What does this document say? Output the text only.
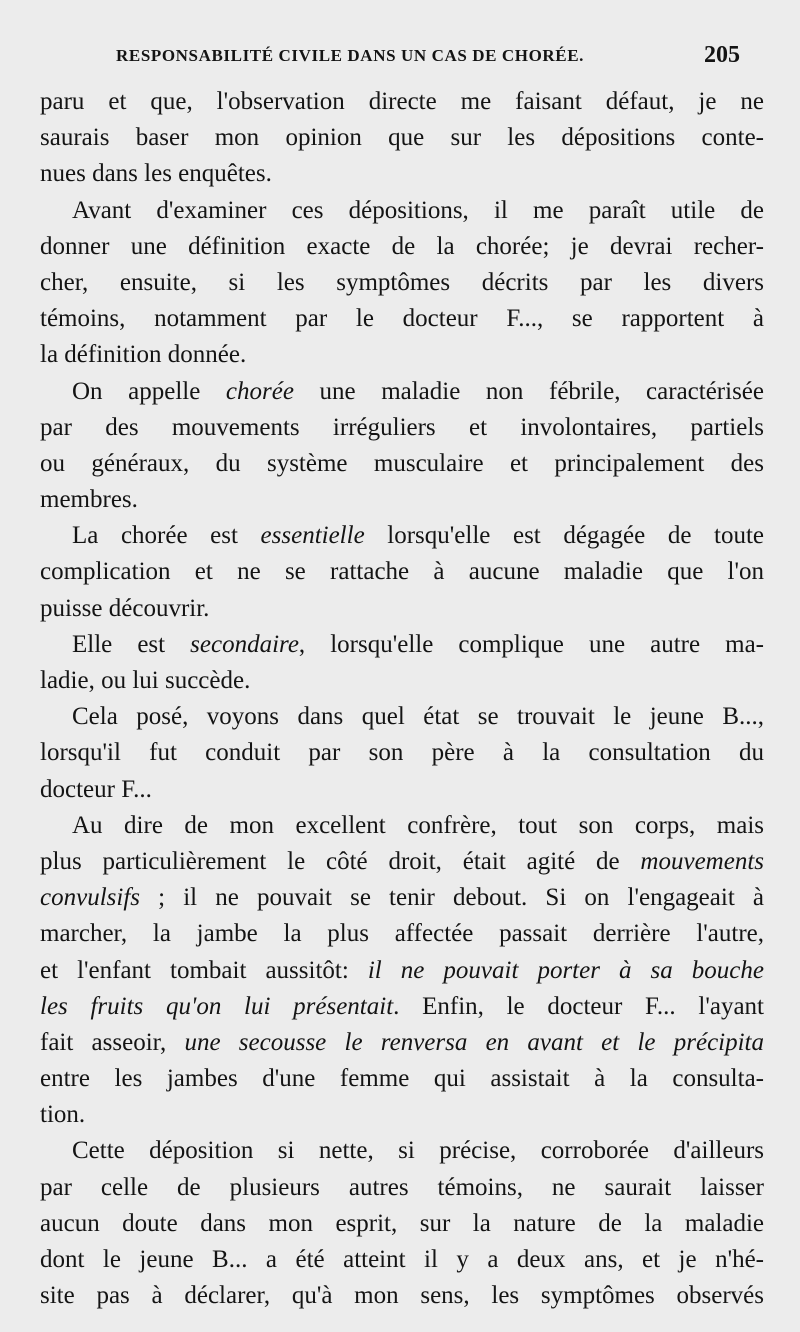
RESPONSABILITÉ CIVILE DANS UN CAS DE CHORÉE.	205
paru et que, l'observation directe me faisant défaut, je ne
saurais baser mon opinion que sur les dépositions conte-
nues dans les enquêtes.
Avant d'examiner ces dépositions, il me paraît utile de
donner une définition exacte de la chorée; je devrai recher-
cher, ensuite, si les symptômes décrits par les divers
témoins, notamment par le docteur F..., se rapportent à
la définition donnée.
On appelle chorée une maladie non fébrile, caractérisée
par des mouvements irréguliers et involontaires, partiels
ou généraux, du système musculaire et principalement des
membres.
La chorée est essentielle lorsqu'elle est dégagée de toute
complication et ne se rattache à aucune maladie que l'on
puisse découvrir.
Elle est secondaire, lorsqu'elle complique une autre ma-
ladie, ou lui succède.
Cela posé, voyons dans quel état se trouvait le jeune B...,
lorsqu'il fut conduit par son père à la consultation du
docteur F...
Au dire de mon excellent confrère, tout son corps, mais
plus particulièrement le côté droit, était agité de mouvements
convulsifs ; il ne pouvait se tenir debout. Si on l'engageait à
marcher, la jambe la plus affectée passait derrière l'autre,
et l'enfant tombait aussitôt: il ne pouvait porter à sa bouche
les fruits qu'on lui présentait. Enfin, le docteur F... l'ayant
fait asseoir, une secousse le renversa en avant et le précipita
entre les jambes d'une femme qui assistait à la consulta-
tion.
Cette déposition si nette, si précise, corroborée d'ailleurs
par celle de plusieurs autres témoins, ne saurait laisser
aucun doute dans mon esprit, sur la nature de la maladie
dont le jeune B... a été atteint il y a deux ans, et je n'hé-
site pas à déclarer, qu'à mon sens, les symptômes observés
